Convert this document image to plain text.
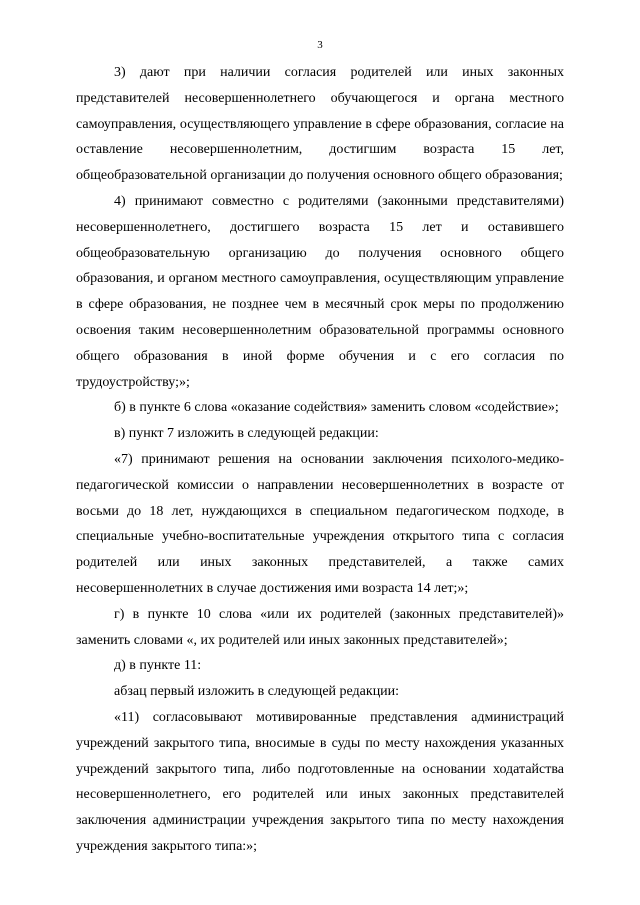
3

3) дают при наличии согласия родителей или иных законных представителей несовершеннолетнего обучающегося и органа местного самоуправления, осуществляющего управление в сфере образования, согласие на оставление несовершеннолетним, достигшим возраста 15 лет, общеобразовательной организации до получения основного общего образования;

4) принимают совместно с родителями (законными представителями) несовершеннолетнего, достигшего возраста 15 лет и оставившего общеобразовательную организацию до получения основного общего образования, и органом местного самоуправления, осуществляющим управление в сфере образования, не позднее чем в месячный срок меры по продолжению освоения таким несовершеннолетним образовательной программы основного общего образования в иной форме обучения и с его согласия по трудоустройству;»;

б) в пункте 6 слова «оказание содействия» заменить словом «содействие»;

в) пункт 7 изложить в следующей редакции:

«7) принимают решения на основании заключения психолого-медико-педагогической комиссии о направлении несовершеннолетних в возрасте от восьми до 18 лет, нуждающихся в специальном педагогическом подходе, в специальные учебно-воспитательные учреждения открытого типа с согласия родителей или иных законных представителей, а также самих несовершеннолетних в случае достижения ими возраста 14 лет;»;

г) в пункте 10 слова «или их родителей (законных представителей)» заменить словами «, их родителей или иных законных представителей»;

д) в пункте 11:

абзац первый изложить в следующей редакции:

«11) согласовывают мотивированные представления администраций учреждений закрытого типа, вносимые в суды по месту нахождения указанных учреждений закрытого типа, либо подготовленные на основании ходатайства несовершеннолетнего, его родителей или иных законных представителей заключения администрации учреждения закрытого типа по месту нахождения учреждения закрытого типа:»;
